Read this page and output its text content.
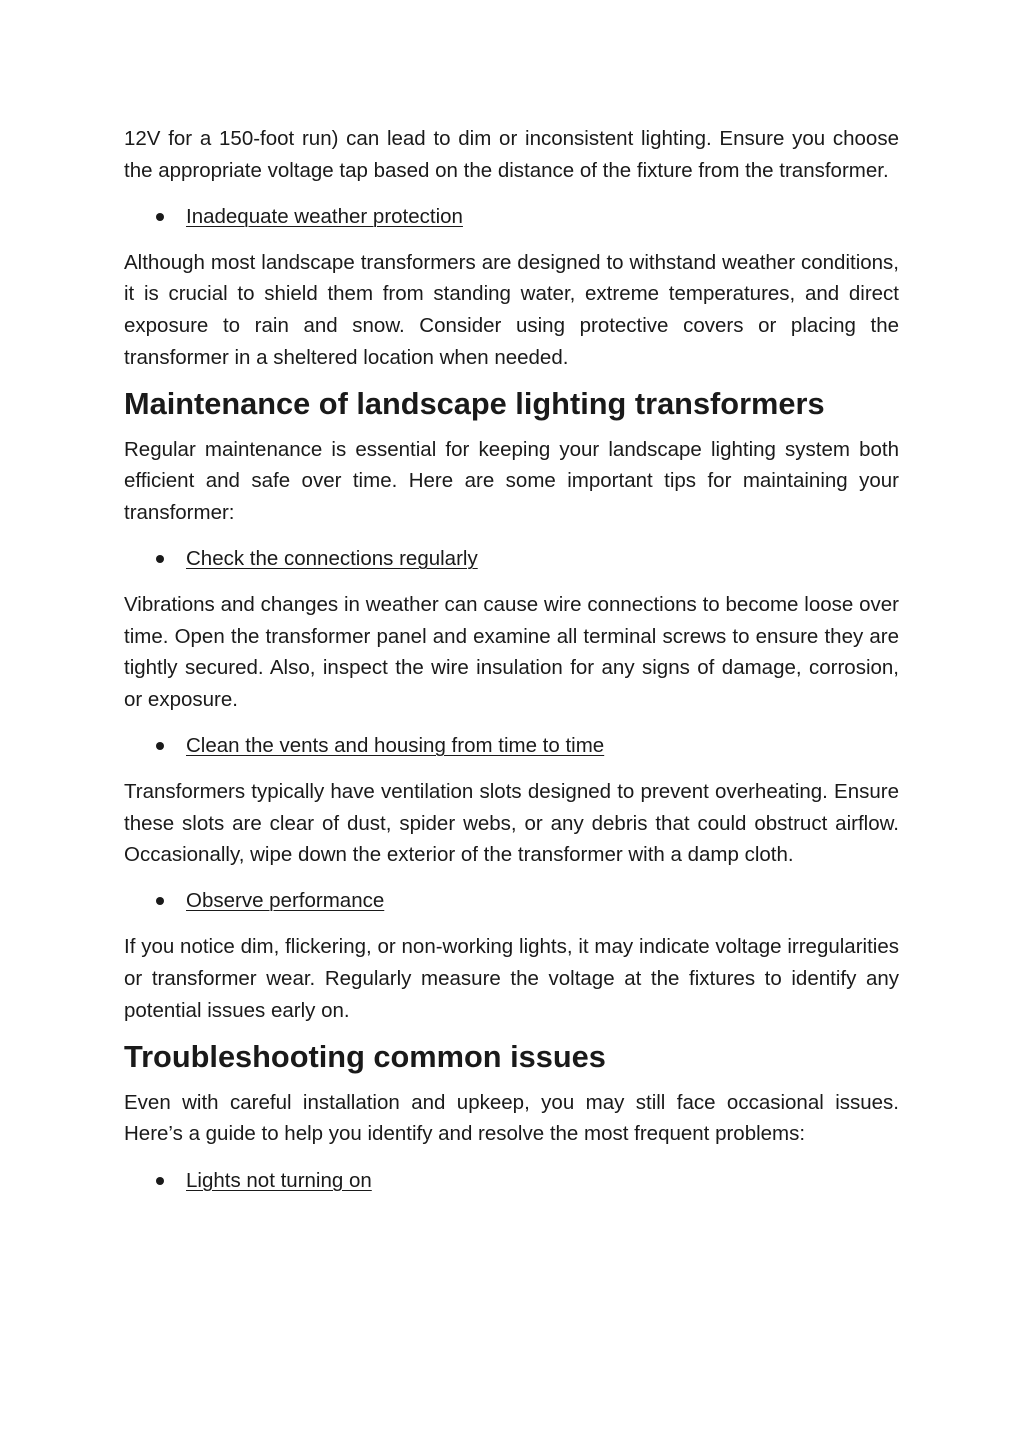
12V for a 150-foot run) can lead to dim or inconsistent lighting. Ensure you choose the appropriate voltage tap based on the distance of the fixture from the transformer.

Inadequate weather protection

Although most landscape transformers are designed to withstand weather conditions, it is crucial to shield them from standing water, extreme temperatures, and direct exposure to rain and snow. Consider using protective covers or placing the transformer in a sheltered location when needed.

Maintenance of landscape lighting transformers

Regular maintenance is essential for keeping your landscape lighting system both efficient and safe over time. Here are some important tips for maintaining your transformer:

Check the connections regularly

Vibrations and changes in weather can cause wire connections to become loose over time. Open the transformer panel and examine all terminal screws to ensure they are tightly secured. Also, inspect the wire insulation for any signs of damage, corrosion, or exposure.

Clean the vents and housing from time to time

Transformers typically have ventilation slots designed to prevent overheating. Ensure these slots are clear of dust, spider webs, or any debris that could obstruct airflow. Occasionally, wipe down the exterior of the transformer with a damp cloth.

Observe performance

If you notice dim, flickering, or non-working lights, it may indicate voltage irregularities or transformer wear. Regularly measure the voltage at the fixtures to identify any potential issues early on.

Troubleshooting common issues

Even with careful installation and upkeep, you may still face occasional issues. Here’s a guide to help you identify and resolve the most frequent problems:

Lights not turning on
